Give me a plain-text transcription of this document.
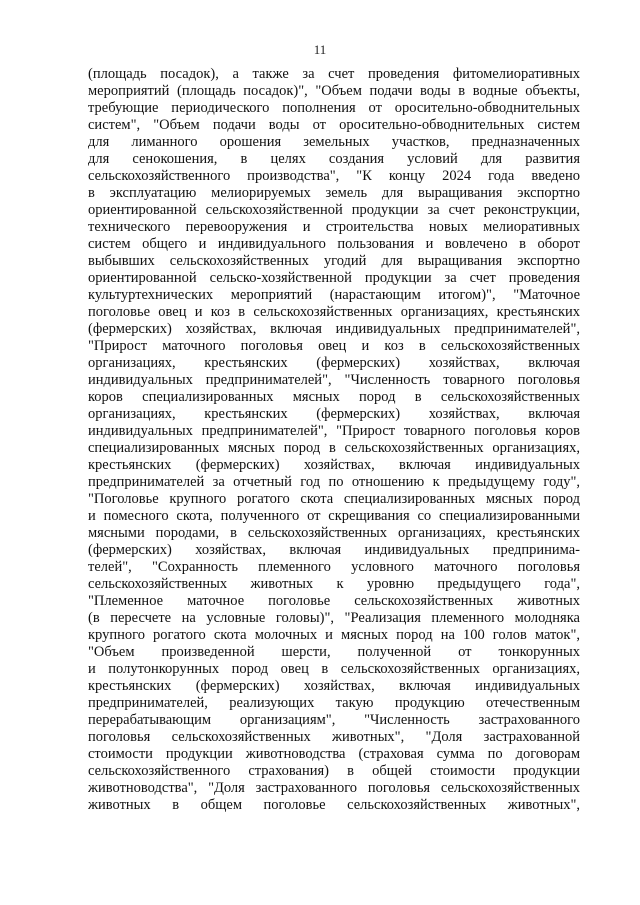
11
(площадь посадок), а также за счет проведения фитомелиоративных
мероприятий (площадь посадок)", "Объем подачи воды в водные объекты,
требующие периодического пополнения от оросительно-обводнительных
систем", "Объем подачи воды от оросительно-обводнительных систем
для лиманного орошения земельных участков, предназначенных
для сенокошения, в целях создания условий для развития
сельскохозяйственного производства", "К концу 2024 года введено
в эксплуатацию мелиорируемых земель для выращивания экспортно
ориентированной сельскохозяйственной продукции за счет реконструкции,
технического перевооружения и строительства новых мелиоративных
систем общего и индивидуального пользования и вовлечено в оборот
выбывших сельскохозяйственных угодий для выращивания экспортно
ориентированной сельско-хозяйственной продукции за счет проведения
культуртехнических мероприятий (нарастающим итогом)", "Маточное
поголовье овец и коз в сельскохозяйственных организациях, крестьянских
(фермерских) хозяйствах, включая индивидуальных предпринимателей",
"Прирост маточного поголовья овец и коз в сельскохозяйственных
организациях, крестьянских (фермерских) хозяйствах, включая
индивидуальных предпринимателей", "Численность товарного поголовья
коров специализированных мясных пород в сельскохозяйственных
организациях, крестьянских (фермерских) хозяйствах, включая
индивидуальных предпринимателей", "Прирост товарного поголовья коров
специализированных мясных пород в сельскохозяйственных организациях,
крестьянских (фермерских) хозяйствах, включая индивидуальных
предпринимателей за отчетный год по отношению к предыдущему году",
"Поголовье крупного рогатого скота специализированных мясных пород
и помесного скота, полученного от скрещивания со специализированными
мясными породами, в сельскохозяйственных организациях, крестьянских
(фермерских) хозяйствах, включая индивидуальных предпринима-
телей", "Сохранность племенного условного маточного поголовья
сельскохозяйственных животных к уровню предыдущего года",
"Племенное маточное поголовье сельскохозяйственных животных
(в пересчете на условные головы)", "Реализация племенного молодняка
крупного рогатого скота молочных и мясных пород на 100 голов маток",
"Объем произведенной шерсти, полученной от тонкорунных
и полутонкорунных пород овец в сельскохозяйственных организациях,
крестьянских (фермерских) хозяйствах, включая индивидуальных
предпринимателей, реализующих такую продукцию отечественным
перерабатывающим организациям", "Численность застрахованного
поголовья сельскохозяйственных животных", "Доля застрахованной
стоимости продукции животноводства (страховая сумма по договорам
сельскохозяйственного страхования) в общей стоимости продукции
животноводства", "Доля застрахованного поголовья сельскохозяйственных
животных в общем поголовье сельскохозяйственных животных",
